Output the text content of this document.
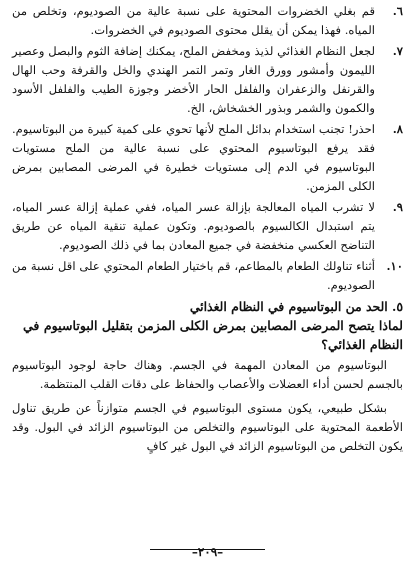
٦.
قم بغلي الخضروات المحتوية على نسبة عالية من الصوديوم، وتخلص من المياه. فهذا يمكن أن يقلل محتوى الصوديوم في الخضروات.
٧.
لجعل النظام الغذائي لذيذ ومخفض الملح، يمكنك إضافة الثوم والبصل وعصير الليمون وأمشور وورق الغار وتمر التمر الهندي والخل والقرفة وحب الهال والقرنفل والزعفران والفلفل الحار الأخضر وجوزة الطيب والفلفل الأسود والكمون والشمر وبذور الخشخاش، الخ.
٨.
احذر! تجنب استخدام بدائل الملح لأنها تحوي على كمية كبيرة من البوتاسيوم. فقد يرفع البوتاسيوم المحتوي على نسبة عالية من الملح مستويات البوتاسيوم في الدم إلى مستويات خطيرة في المرضى المصابين بمرض الكلى المزمن.
٩.
لا تشرب المياه المعالجة بإزالة عسر المياه، ففي عملية إزالة عسر المياه، يتم استبدال الكالسيوم بالصوديوم. وتكون عملية تنقية المياه عن طريق التناضح العكسي منخفضة في جميع المعادن بما في ذلك الصوديوم.
١٠.
أثناء تناولك الطعام بالمطاعم، قم باختيار الطعام المحتوي على اقل نسبة من الصوديوم.
٥. الحد من البوتاسيوم في النظام الغذائي
لماذا يتصح المرضى المصابين بمرض الكلى المزمن بتقليل البوتاسيوم في النظام الغذائي؟

البوتاسيوم من المعادن المهمة في الجسم. وهناك حاجة لوجود البوتاسيوم بالجسم لحسن أداء العضلات والأعصاب والحفاظ على دقات القلب المنتظمة.

بشكل طبيعي، يكون مستوى البوتاسيوم في الجسم متوازناً عن طريق تناول الأطعمة المحتوية على البوتاسيوم والتخلص من البوتاسيوم الزائد في البول. وقد يكون التخلص من البوتاسيوم الزائد في البول غير كافٍ

–٢٠٩–
